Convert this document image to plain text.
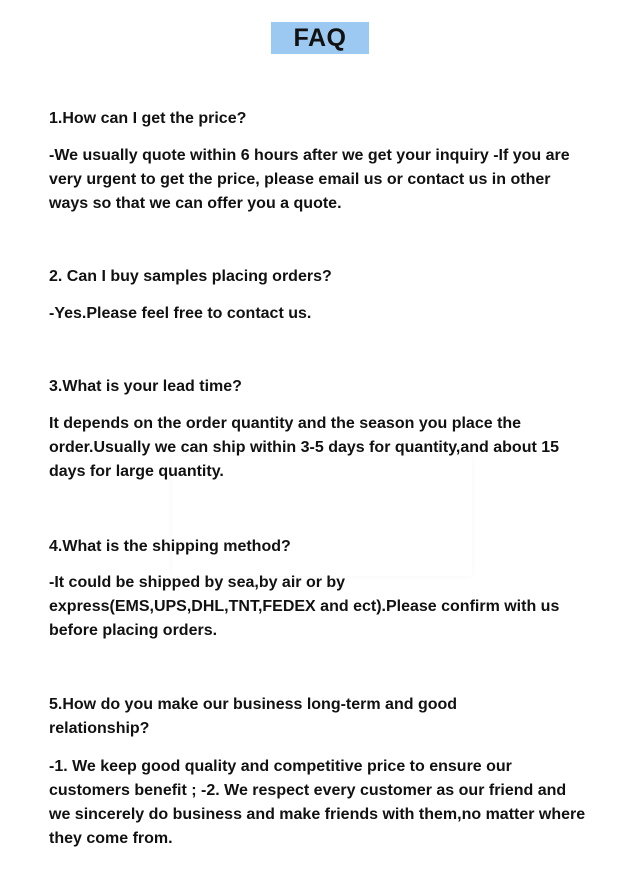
FAQ
1.How can I get the price?
-We usually quote within 6 hours after we get your inquiry -If you are very urgent to get the price, please email us or contact us in other ways so that we can offer you a quote.
2. Can I buy samples placing orders?
-Yes.Please feel free to contact us.
3.What is your lead time?
It depends on the order quantity and the season you place the order.Usually we can ship within 3-5 days for quantity,and about 15 days for large quantity.
4.What is the shipping method?
-It could be shipped by sea,by air or by express(EMS,UPS,DHL,TNT,FEDEX and ect).Please confirm with us before placing orders.
5.How do you make our business long-term and good relationship?
-1. We keep good quality and competitive price to ensure our customers benefit ; -2. We respect every customer as our friend and we sincerely do business and make friends with them,no matter where they come from.
